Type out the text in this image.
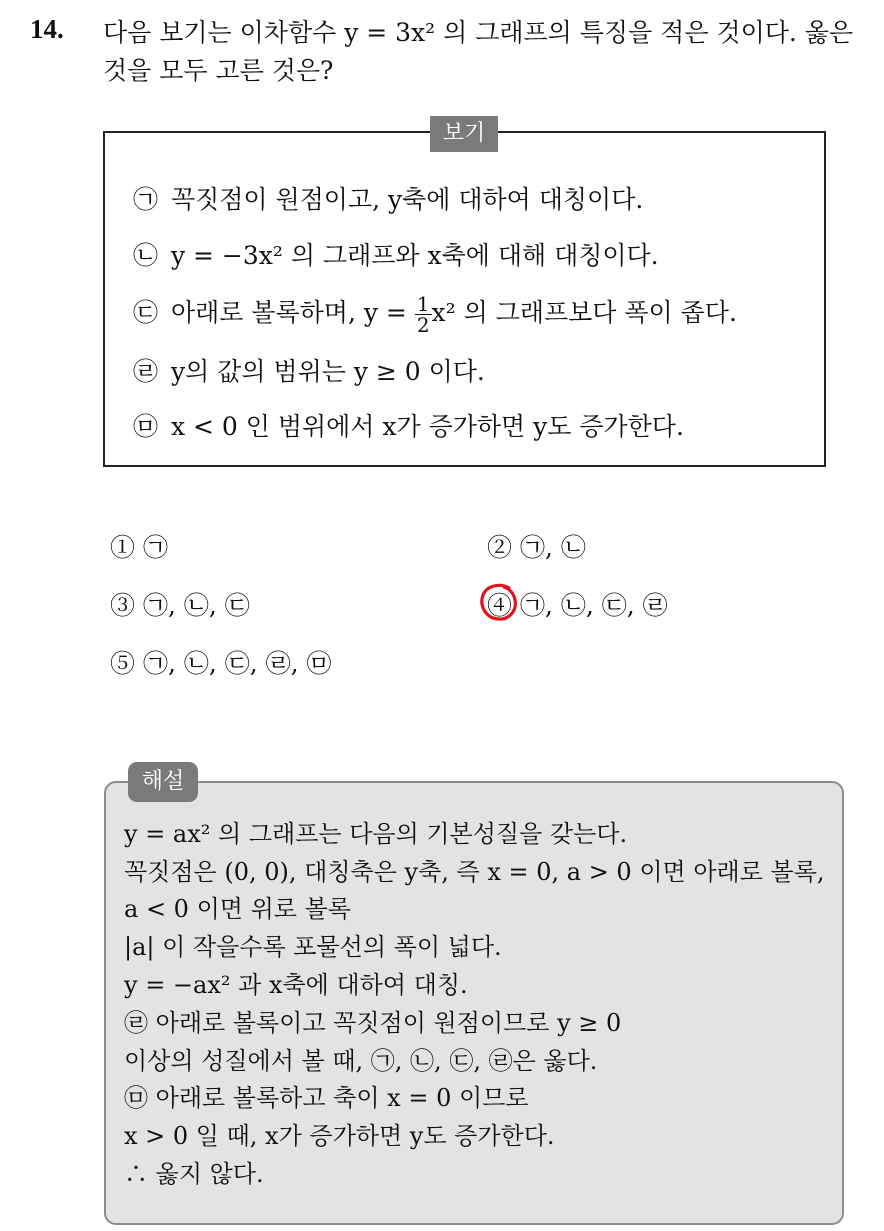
14. 다음 보기는 이차함수 y = 3x² 의 그래프의 특징을 적은 것이다. 옳은

것을 모두 고른 것은?

보기
㉠ 꼭짓점이 원점이고, y축에 대하여 대칭이다.
㉡ y = −3x² 의 그래프와 x축에 대해 대칭이다.
㉢ 아래로 볼록하며, $y = \frac{1}{2} x^2$ 의 그래프보다 폭이 좁다.
㉣ y의 값의 범위는 y ≥ 0 이다.
㉤ x < 0 인 범위에서 x가 증가하면 y도 증가한다.
① ㉠	② ㉠, ㉡
③ ㉠, ㉡, ㉢	④ ㉠, ㉡, ㉢, ㉣
⑤ ㉠, ㉡, ㉢, ㉣, ㉤
해설
y = ax² 의 그래프는 다음의 기본성질을 갖는다.
꼭짓점은 (0, 0), 대칭축은 y축, 즉 x = 0, a > 0 이면 아래로 볼록,
a < 0 이면 위로 볼록
|a| 이 작을수록 포물선의 폭이 넓다.
y = −ax² 과 x축에 대하여 대칭.
㉣ 아래로 볼록이고 꼭짓점이 원점이므로 y ≥ 0
이상의 성질에서 볼 때, ㉠, ㉡, ㉢, ㉣은 옳다.
㉤ 아래로 볼록하고 축이 x = 0 이므로
x > 0 일 때, x가 증가하면 y도 증가한다.
∴ 옳지 않다.
